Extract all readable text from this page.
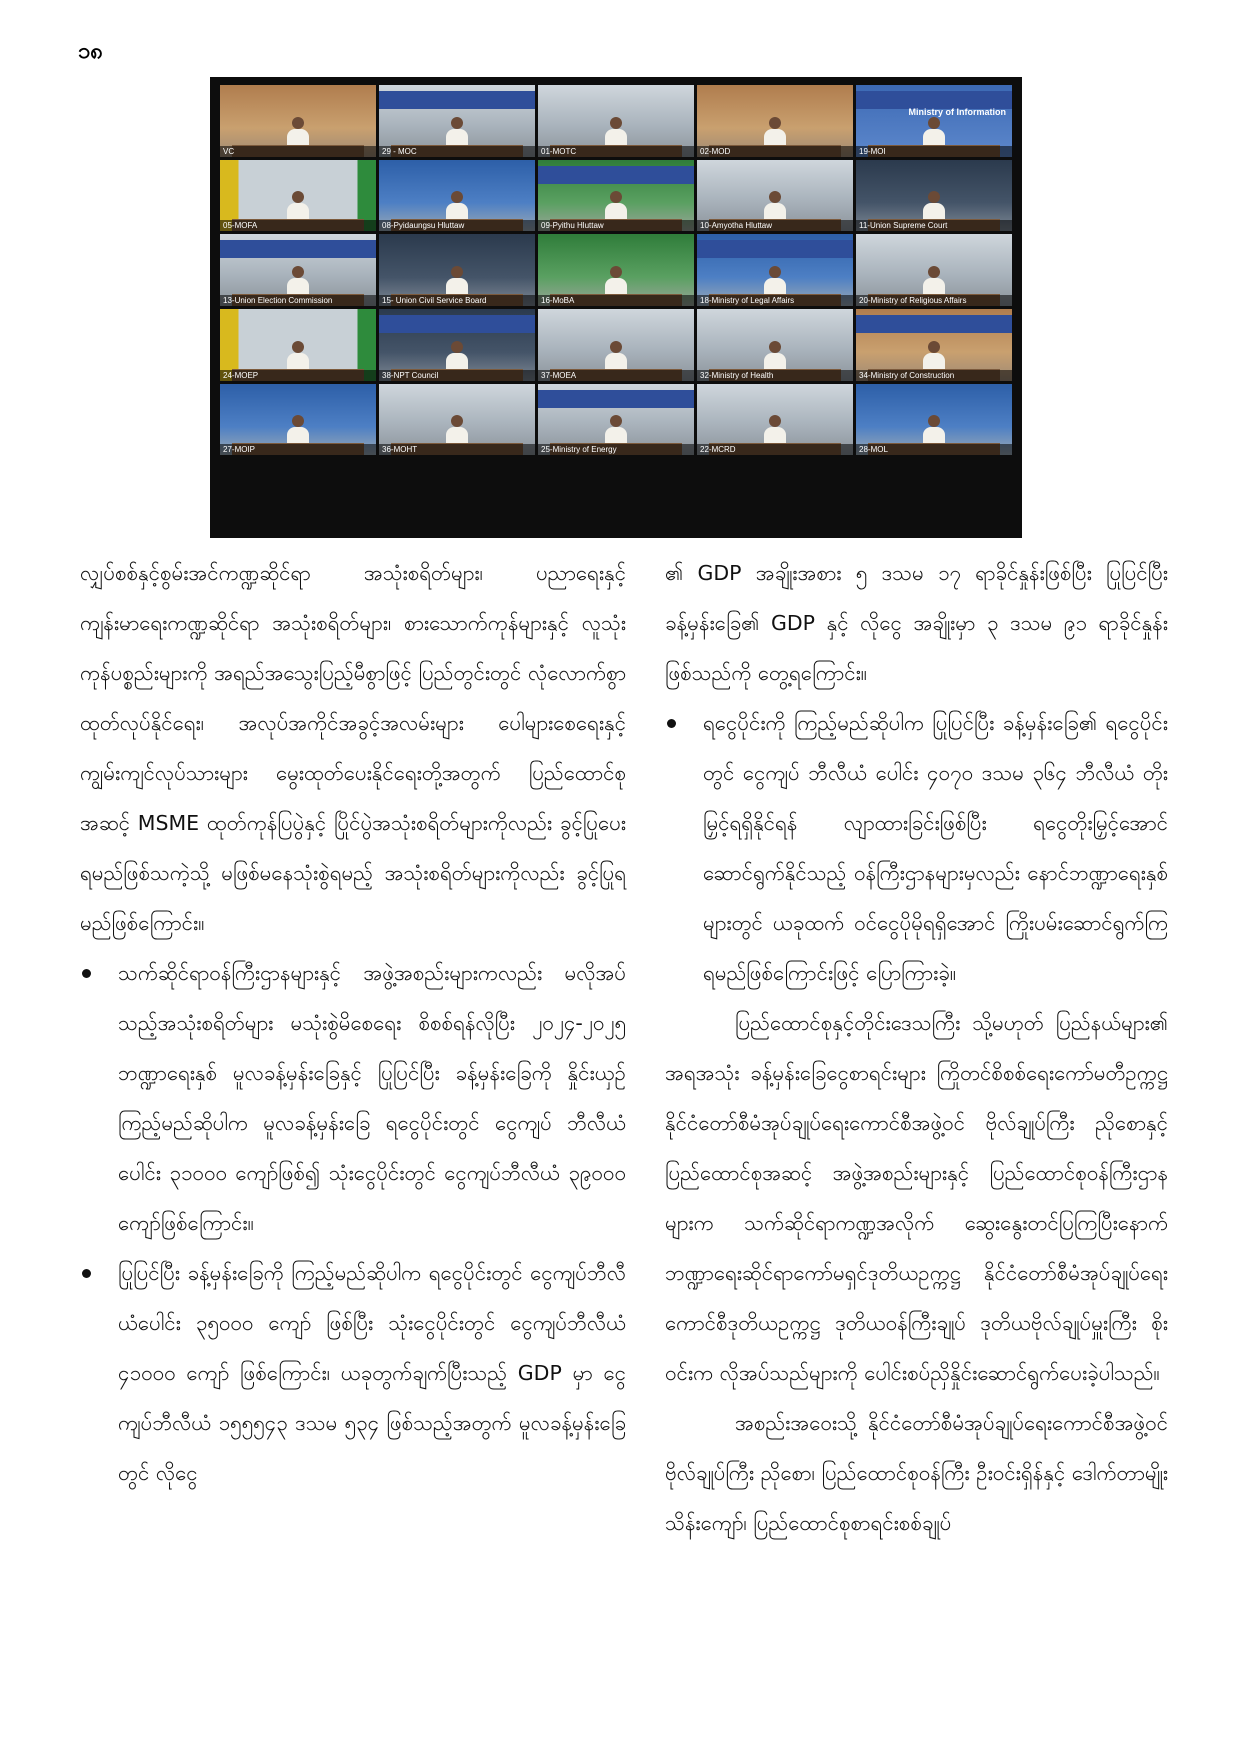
၁၈
VC	29 - MOC	01-MOTC	02-MOD
Ministry of Information
19-MOI
05-MOFA	08-Pyidaungsu Hluttaw	09-Pyithu Hluttaw	10-Amyotha Hluttaw	11-Union Supreme Court
13-Union Election Commission	15- Union Civil Service Board	16-MoBA	18-Ministry of Legal Affairs	20-Ministry of Religious Affairs
24-MOEP	38-NPT Council	37-MOEA	32-Ministry of Health	34-Ministry of Construction
27-MOIP	36-MOHT	25-Ministry of Energy	22-MCRD	28-MOL

လျှပ်စစ်နှင့်စွမ်းအင်ကဏ္ဍဆိုင်ရာ အသုံးစရိတ်များ၊ ပညာရေးနှင့် ကျန်းမာရေးကဏ္ဍဆိုင်ရာ အသုံးစရိတ်များ၊ စားသောက်ကုန်များနှင့် လူသုံးကုန်ပစ္စည်းများကို အရည်အသွေးပြည့်မီစွာဖြင့် ပြည်တွင်းတွင် လုံလောက်စွာ ထုတ်လုပ်နိုင်ရေး၊ အလုပ်အကိုင်အခွင့်အလမ်းများ ပေါများစေရေးနှင့် ကျွမ်းကျင်လုပ်သားများ မွေးထုတ်ပေးနိုင်ရေးတို့အတွက် ပြည်ထောင်စုအဆင့် MSME ထုတ်ကုန်ပြပွဲနှင့် ပြိုင်ပွဲအသုံးစရိတ်များကိုလည်း ခွင့်ပြုပေးရမည်ဖြစ်သကဲ့သို့ မဖြစ်မနေသုံးစွဲရမည့် အသုံးစရိတ်များကိုလည်း ခွင့်ပြုရမည်ဖြစ်ကြောင်း။

သက်ဆိုင်ရာဝန်ကြီးဌာနများနှင့် အဖွဲ့အစည်းများကလည်း မလိုအပ်သည့်အသုံးစရိတ်များ မသုံးစွဲမိစေရေး စိစစ်ရန်လိုပြီး ၂၀၂၄-၂၀၂၅ ဘဏ္ဍာရေးနှစ် မူလခန့်မှန်းခြေနှင့် ပြုပြင်ပြီး ခန့်မှန်းခြေကို နှိုင်းယှဉ်ကြည့်မည်ဆိုပါက မူလခန့်မှန်းခြေ ရငွေပိုင်းတွင် ငွေကျပ် ဘီလီယံပေါင်း ၃၁၀၀၀ ကျော်ဖြစ်၍ သုံးငွေပိုင်းတွင် ငွေကျပ်ဘီလီယံ ၃၉၀၀၀ ကျော်ဖြစ်ကြောင်း။
ပြုပြင်ပြီး ခန့်မှန်းခြေကို ကြည့်မည်ဆိုပါက ရငွေပိုင်းတွင် ငွေကျပ်ဘီလီယံပေါင်း ၃၅၀၀၀ ကျော် ဖြစ်ပြီး သုံးငွေပိုင်းတွင် ငွေကျပ်ဘီလီယံ ၄၁၀၀၀ ကျော် ဖြစ်ကြောင်း၊ ယခုတွက်ချက်ပြီးသည့် GDP မှာ ငွေကျပ်ဘီလီယံ ၁၅၅၅၄၃ ဒသမ ၅၃၄ ဖြစ်သည့်အတွက် မူလခန့်မှန်းခြေတွင် လိုငွေ

၏ GDP အချိုးအစား ၅ ဒသမ ၁၇ ရာခိုင်နှုန်းဖြစ်ပြီး ပြုပြင်ပြီး ခန့်မှန်းခြေ၏ GDP နှင့် လိုငွေ အချိုးမှာ ၃ ဒသမ ၉၁ ရာခိုင်နှုန်းဖြစ်သည်ကို တွေ့ရကြောင်း။

ရငွေပိုင်းကို ကြည့်မည်ဆိုပါက ပြုပြင်ပြီး ခန့်မှန်းခြေ၏ ရငွေပိုင်းတွင် ငွေကျပ် ဘီလီယံ ပေါင်း ၄၀၇၀ ဒသမ ၃၆၄ ဘီလီယံ တိုးမြှင့်ရရှိနိုင်ရန် လျာထားခြင်းဖြစ်ပြီး ရငွေတိုးမြှင့်အောင် ဆောင်ရွက်နိုင်သည့် ဝန်ကြီးဌာနများမှလည်း နောင်ဘဏ္ဍာရေးနှစ်များတွင် ယခုထက် ဝင်ငွေပိုမိုရရှိအောင် ကြိုးပမ်းဆောင်ရွက်ကြရမည်ဖြစ်ကြောင်းဖြင့် ပြောကြားခဲ့။

ပြည်ထောင်စုနှင့်တိုင်းဒေသကြီး သို့မဟုတ် ပြည်နယ်များ၏ အရအသုံး ခန့်မှန်းခြေငွေစာရင်းများ ကြိုတင်စိစစ်ရေးကော်မတီဥက္ကဋ္ဌ နိုင်ငံတော်စီမံအုပ်ချုပ်ရေးကောင်စီအဖွဲ့ဝင် ဗိုလ်ချုပ်ကြီး ညိုစောနှင့် ပြည်ထောင်စုအဆင့် အဖွဲ့အစည်းများနှင့် ပြည်ထောင်စုဝန်ကြီးဌာနများက သက်ဆိုင်ရာကဏ္ဍအလိုက် ဆွေးနွေးတင်ပြကြပြီးနောက် ဘဏ္ဍာရေးဆိုင်ရာကော်မရှင်ဒုတိယဥက္ကဋ္ဌ နိုင်ငံတော်စီမံအုပ်ချုပ်ရေးကောင်စီဒုတိယဥက္ကဋ္ဌ ဒုတိယဝန်ကြီးချုပ် ဒုတိယဗိုလ်ချုပ်မှူးကြီး စိုးဝင်းက လိုအပ်သည်များကို ပေါင်းစပ်ညှိနှိုင်းဆောင်ရွက်ပေးခဲ့ပါသည်။

အစည်းအဝေးသို့ နိုင်ငံတော်စီမံအုပ်ချုပ်ရေးကောင်စီအဖွဲ့ဝင် ဗိုလ်ချုပ်ကြီး ညိုစော၊ ပြည်ထောင်စုဝန်ကြီး ဦးဝင်းရှိန်နှင့် ဒေါက်တာမျိုးသိန်းကျော်၊ ပြည်ထောင်စုစာရင်းစစ်ချုပ်
